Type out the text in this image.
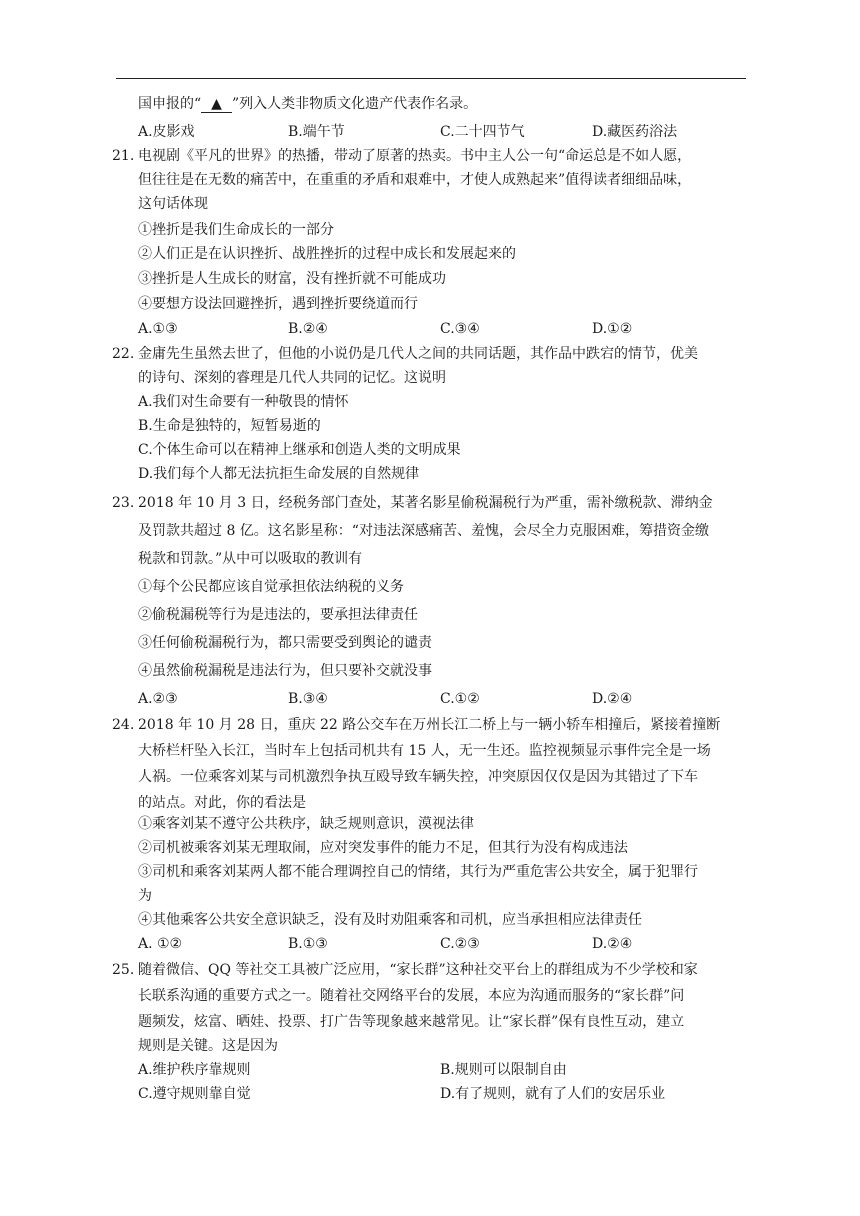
国申报的“ ▲ ”列入人类非物质文化遗产代表作名录。
A.皮影戏	B.端午节	C.二十四节气	D.藏医药浴法
21. 电视剧《平凡的世界》的热播，带动了原著的热卖。书中主人公一句“命运总是不如人愿，
但往往是在无数的痛苦中，在重重的矛盾和艰难中，才使人成熟起来”值得读者细细品味，
这句话体现
①挫折是我们生命成长的一部分
②人们正是在认识挫折、战胜挫折的过程中成长和发展起来的
③挫折是人生成长的财富，没有挫折就不可能成功
④要想方设法回避挫折，遇到挫折要绕道而行
A.①③	B.②④	C.③④	D.①②
22. 金庸先生虽然去世了，但他的小说仍是几代人之间的共同话题，其作品中跌宕的情节，优美
的诗句、深刻的睿理是几代人共同的记忆。这说明
A.我们对生命要有一种敬畏的情怀
B.生命是独特的，短暂易逝的
C.个体生命可以在精神上继承和创造人类的文明成果
D.我们每个人都无法抗拒生命发展的自然规律
23. 2018 年 10 月 3 日，经税务部门查处，某著名影星偷税漏税行为严重，需补缴税款、滞纳金
及罚款共超过 8 亿。这名影星称：“对违法深感痛苦、羞愧，会尽全力克服困难，筹措资金缴
税款和罚款。”从中可以吸取的教训有
①每个公民都应该自觉承担依法纳税的义务
②偷税漏税等行为是违法的，要承担法律责任
③任何偷税漏税行为，都只需要受到舆论的谴责
④虽然偷税漏税是违法行为，但只要补交就没事
A.②③	B.③④	C.①②	D.②④
24. 2018 年 10 月 28 日，重庆 22 路公交车在万州长江二桥上与一辆小轿车相撞后，紧接着撞断
大桥栏杆坠入长江，当时车上包括司机共有 15 人，无一生还。监控视频显示事件完全是一场
人祸。一位乘客刘某与司机激烈争执互殴导致车辆失控，冲突原因仅仅是因为其错过了下车
的站点。对此，你的看法是
①乘客刘某不遵守公共秩序，缺乏规则意识，漠视法律
②司机被乘客刘某无理取闹，应对突发事件的能力不足，但其行为没有构成违法
③司机和乘客刘某两人都不能合理调控自己的情绪，其行为严重危害公共安全，属于犯罪行
为
④其他乘客公共安全意识缺乏，没有及时劝阻乘客和司机，应当承担相应法律责任
A. ①②	B.①③	C.②③	D.②④
25. 随着微信、QQ 等社交工具被广泛应用，“家长群”这种社交平台上的群组成为不少学校和家
长联系沟通的重要方式之一。随着社交网络平台的发展，本应为沟通而服务的“家长群”问
题频发，炫富、晒娃、投票、打广告等现象越来越常见。让“家长群”保有良性互动，建立
规则是关键。这是因为
A.维护秩序靠规则	B.规则可以限制自由
C.遵守规则靠自觉	D.有了规则，就有了人们的安居乐业
